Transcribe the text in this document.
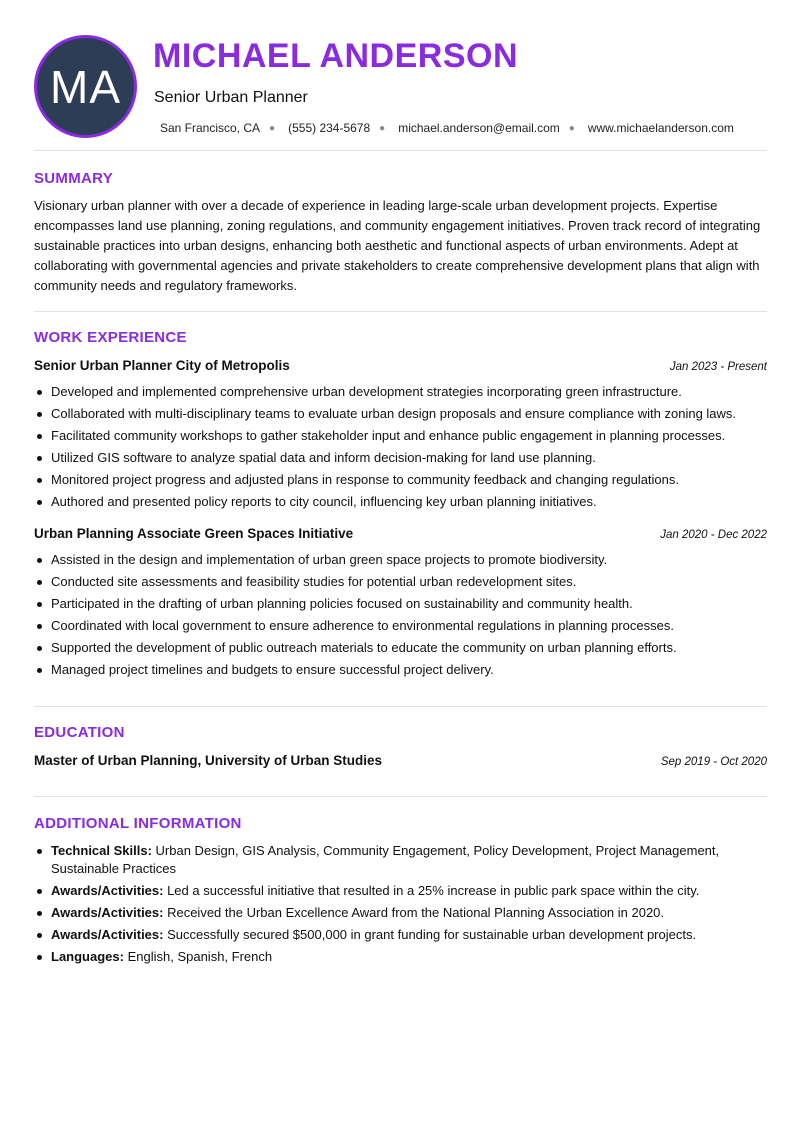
MA
MICHAEL ANDERSON
Senior Urban Planner
San Francisco, CA ● (555) 234-5678 ● michael.anderson@email.com ● www.michaelanderson.com
SUMMARY
Visionary urban planner with over a decade of experience in leading large-scale urban development projects. Expertise encompasses land use planning, zoning regulations, and community engagement initiatives. Proven track record of integrating sustainable practices into urban designs, enhancing both aesthetic and functional aspects of urban environments. Adept at collaborating with governmental agencies and private stakeholders to create comprehensive development plans that align with community needs and regulatory frameworks.
WORK EXPERIENCE
Senior Urban Planner City of Metropolis	Jan 2023 - Present
Developed and implemented comprehensive urban development strategies incorporating green infrastructure.
Collaborated with multi-disciplinary teams to evaluate urban design proposals and ensure compliance with zoning laws.
Facilitated community workshops to gather stakeholder input and enhance public engagement in planning processes.
Utilized GIS software to analyze spatial data and inform decision-making for land use planning.
Monitored project progress and adjusted plans in response to community feedback and changing regulations.
Authored and presented policy reports to city council, influencing key urban planning initiatives.
Urban Planning Associate Green Spaces Initiative	Jan 2020 - Dec 2022
Assisted in the design and implementation of urban green space projects to promote biodiversity.
Conducted site assessments and feasibility studies for potential urban redevelopment sites.
Participated in the drafting of urban planning policies focused on sustainability and community health.
Coordinated with local government to ensure adherence to environmental regulations in planning processes.
Supported the development of public outreach materials to educate the community on urban planning efforts.
Managed project timelines and budgets to ensure successful project delivery.
EDUCATION
Master of Urban Planning, University of Urban Studies	Sep 2019 - Oct 2020
ADDITIONAL INFORMATION
Technical Skills: Urban Design, GIS Analysis, Community Engagement, Policy Development, Project Management, Sustainable Practices
Awards/Activities: Led a successful initiative that resulted in a 25% increase in public park space within the city.
Awards/Activities: Received the Urban Excellence Award from the National Planning Association in 2020.
Awards/Activities: Successfully secured $500,000 in grant funding for sustainable urban development projects.
Languages: English, Spanish, French
